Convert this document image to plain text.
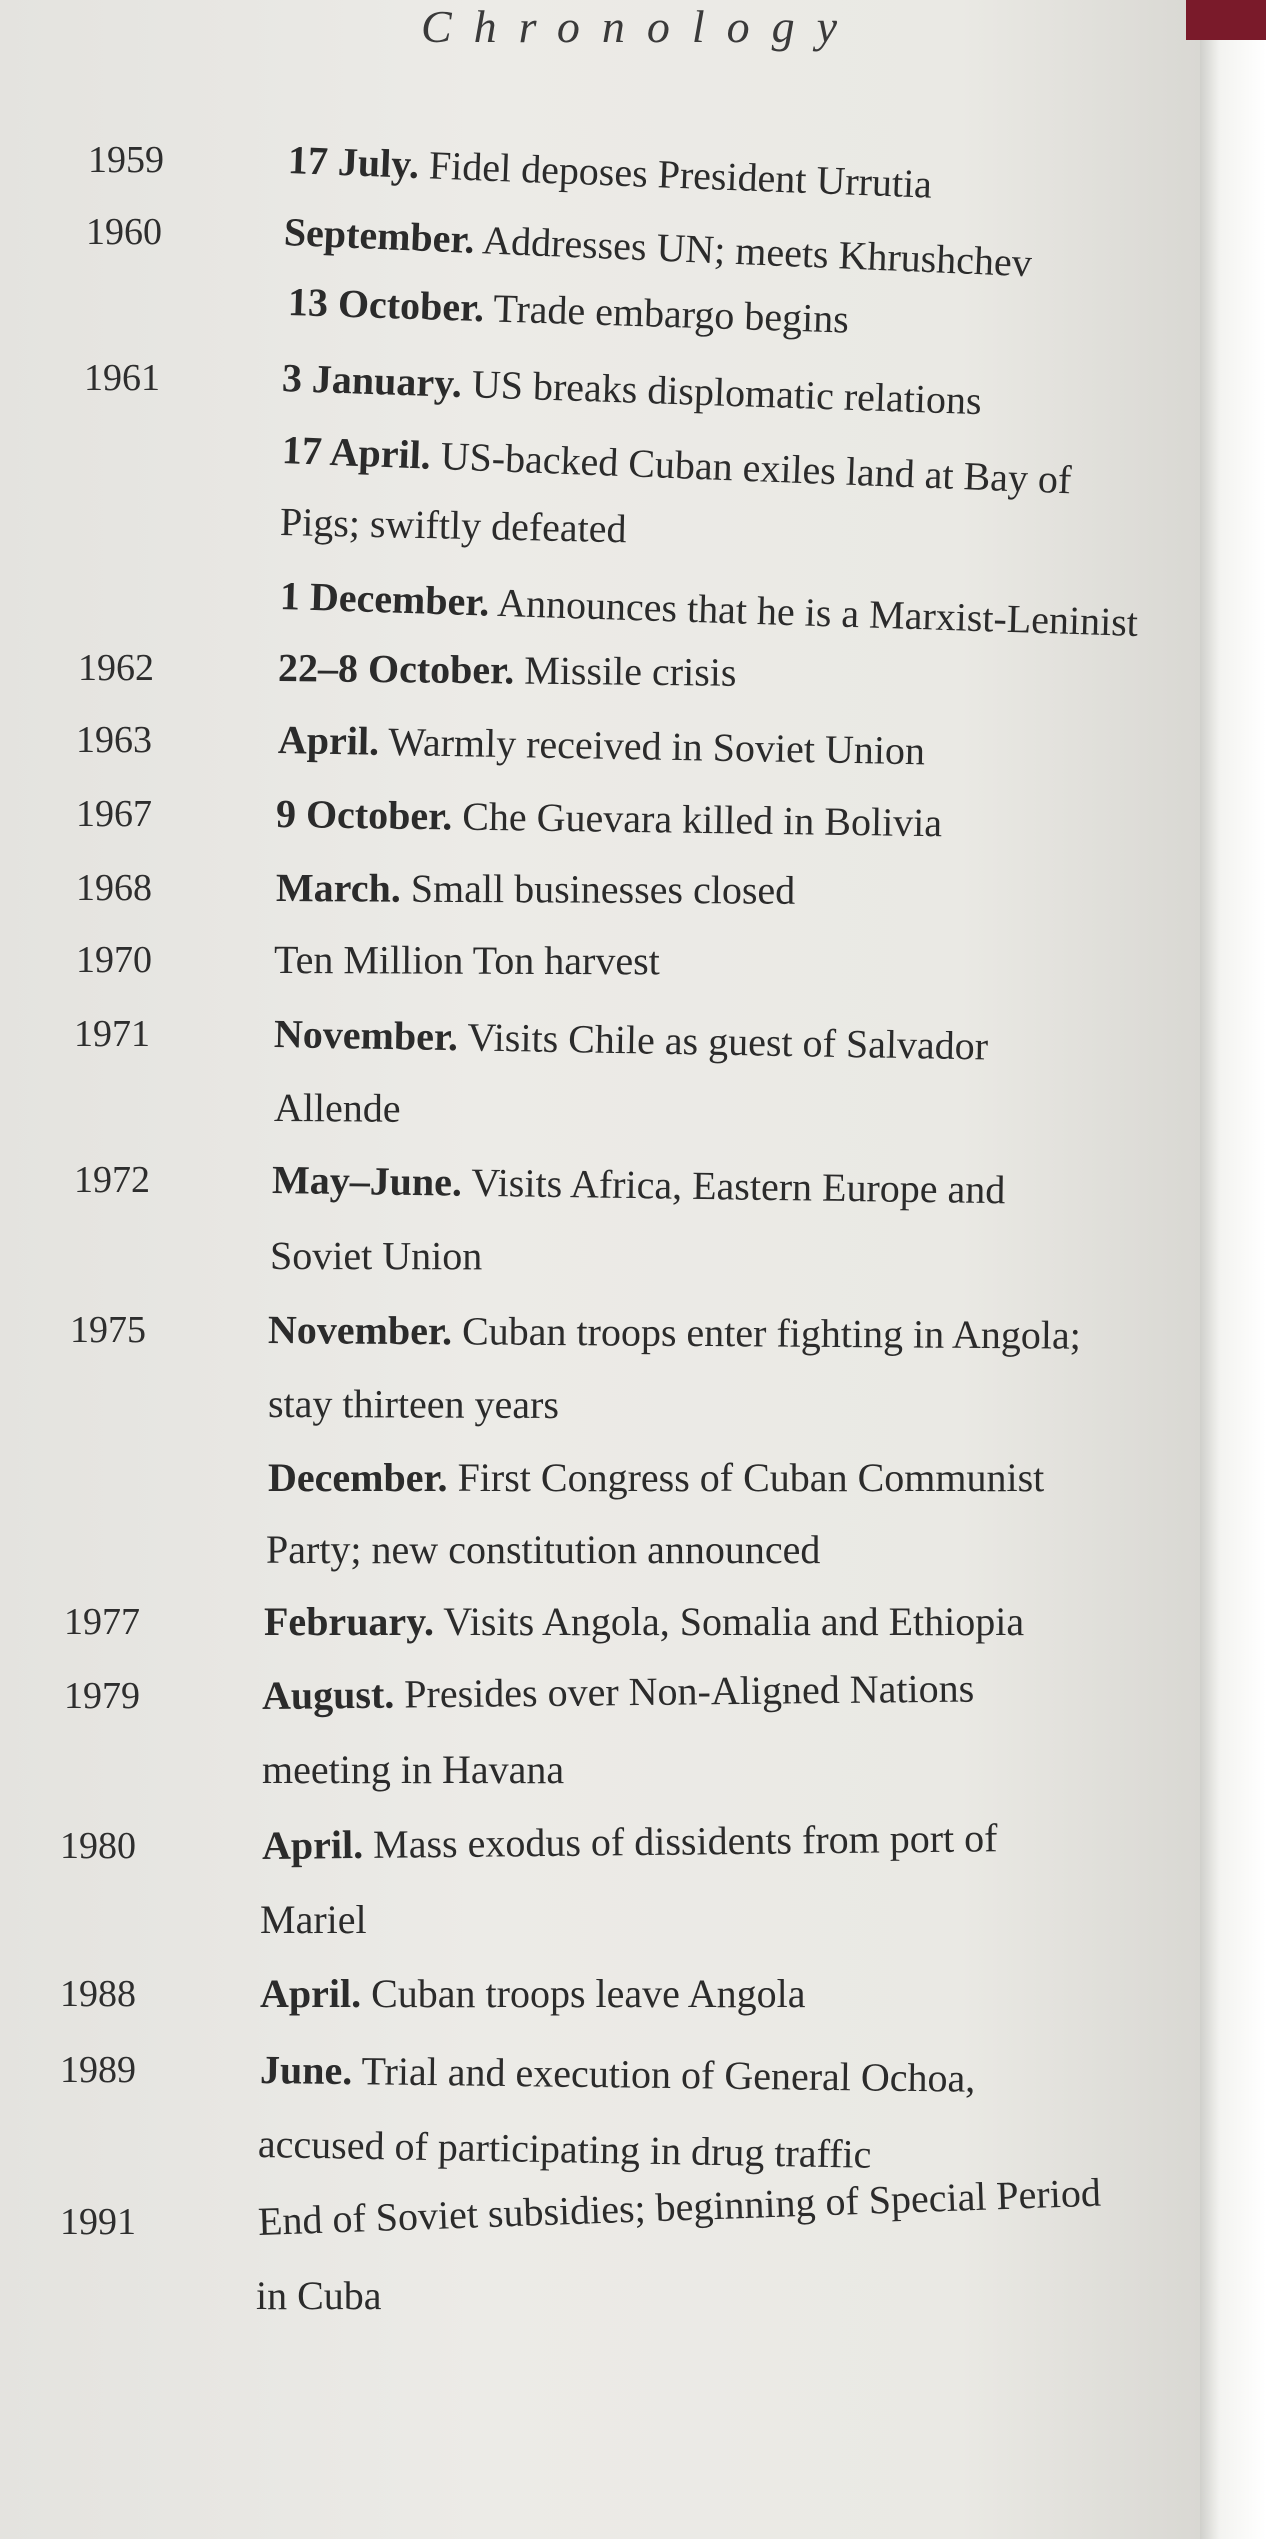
Chronology
1959	17 July. Fidel deposes President Urrutia
1960	September. Addresses UN; meets Khrushchev
13 October. Trade embargo begins
1961	3 January. US breaks displomatic relations
17 April. US-backed Cuban exiles land at Bay of
Pigs; swiftly defeated
1 December. Announces that he is a Marxist-Leninist
1962	22–8 October. Missile crisis
1963	April. Warmly received in Soviet Union
1967	9 October. Che Guevara killed in Bolivia
1968	March. Small businesses closed
1970	Ten Million Ton harvest
1971	November. Visits Chile as guest of Salvador
Allende
1972	May–June. Visits Africa, Eastern Europe and
Soviet Union
1975	November. Cuban troops enter fighting in Angola;
stay thirteen years
December. First Congress of Cuban Communist
Party; new constitution announced
1977	February. Visits Angola, Somalia and Ethiopia
1979	August. Presides over Non-Aligned Nations
meeting in Havana
1980	April. Mass exodus of dissidents from port of
Mariel
1988	April. Cuban troops leave Angola
1989	June. Trial and execution of General Ochoa,
accused of participating in drug traffic
1991	End of Soviet subsidies; beginning of Special Period
in Cuba
